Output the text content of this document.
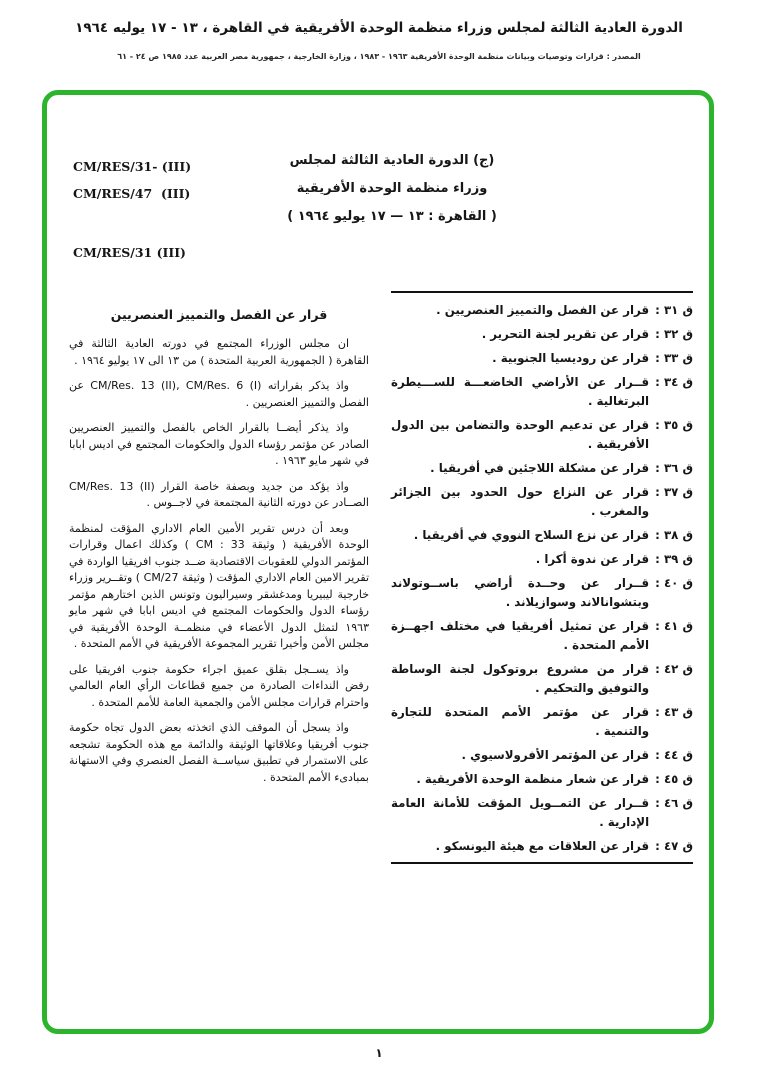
الدورة العادية الثالثة لمجلس وزراء منظمة الوحدة الأفريقية في القاهرة ، ١٣ - ١٧ يوليه ١٩٦٤
المصدر : قرارات وتوصيات وبيانات منظمة الوحدة الأفريقية ١٩٦٣ - ١٩٨٣ ، وزارة الخارجية ، جمهورية مصر العربية عدد ١٩٨٥ ص ٢٤ - ٦١
CM/RES/31- (III)
CM/RES/47  (III)
(ج) الدورة العادية الثالثة لمجلس
وزراء منظمة الوحدة الأفريقية
( القاهرة : ١٣ — ١٧ يوليو ١٩٦٤ )
CM/RES/31 (III)
ق ٣١ :
قرار عن الفصل والتمييز العنصريين .
ق ٣٢ :
قرار عن تقرير لجنة التحرير .
ق ٣٣ :
قرار عن روديسيا الجنوبية .
ق ٣٤ :
قــرار عن الأراضي الخاضعـــة للســـيطرة البرتغالية .
ق ٣٥ :
قرار عن تدعيم الوحدة والتضامن بين الدول الأفريقية .
ق ٣٦ :
قرار عن مشكلة اللاجئين في أفريقيا .
ق ٣٧ :
قرار عن النزاع حول الحدود بين الجزائر والمغرب .
ق ٣٨ :
قرار عن نزع السلاح النووي في أفريقيا .
ق ٣٩ :
قرار عن ندوة أكرا .
ق ٤٠ :
قــرار عن وحــدة أراضي باســوتولاند وبتشوانالاند وسوازيلاند .
ق ٤١ :
قرار عن تمثيل أفريقيا في مختلف اجهــزة الأمم المتحدة .
ق ٤٢ :
قرار من مشروع بروتوكول لجنة الوساطة والتوفيق والتحكيم .
ق ٤٣ :
قرار عن مؤتمر الأمم المتحدة للتجارة والتنمية .
ق ٤٤ :
قرار عن المؤتمر الأفرولاسيوي .
ق ٤٥ :
قرار عن شعار منظمة الوحدة الأفريقية .
ق ٤٦ :
قــرار عن التمــويل المؤقت للأمانة العامة الإدارية .
ق ٤٧ :
قرار عن العلاقات مع هيئة اليونسكو .
قرار عن الفصل والتمييز العنصريين

ان مجلس الوزراء المجتمع في دورته العادية الثالثة في القاهرة ( الجمهورية العربية المتحدة ) من ١٣ الى ١٧ يوليو ١٩٦٤ .

واذ يذكر بقراراته ‎CM/Res. 13 (II), CM/Res.‎ ‎6 (I)‎ عن الفصل والتمييز العنصريين .

واذ يذكر أيضــا بالقرار الخاص بالفصل والتمييز العنصريين الصادر عن مؤتمر رؤساء الدول والحكومات المجتمع في اديس ابابا في شهر مايو ١٩٦٣ .

واذ يؤكد من جديد وبصفة خاصة القرار ‎CM/Res.‎ ‎13 (II)‎ الصــادر عن دورته الثانية المجتمعة في لاجــوس .

وبعد أن درس تقرير الأمين العام الاداري المؤقت لمنظمة الوحدة الأفريقية ( وثيقة ‎CM : 33‎ ) وكذلك اعمال وقرارات المؤتمر الدولي للعقوبات الاقتصادية ضــد جنوب افريقيا الواردة في تقرير الامين العام الاداري المؤقت ( وثيقة ‎CM/27‎ ) وتقــرير وزراء خارجية ليبيريا ومدغشقر وسيراليون وتونس الذين اختارهم مؤتمر رؤساء الدول والحكومات المجتمع في اديس ابابا في شهر مايو ١٩٦٣ لتمثل الدول الأعضاء في منظمــة الوحدة الأفريقية في مجلس الأمن وأخيرا تقرير المجموعة الأفريقية في الأمم المتحدة .

واذ يســجل بقلق عميق اجراء حكومة جنوب افريقيا على رفض النداءات الصادرة من جميع قطاعات الرأي العام العالمي واحترام قرارات مجلس الأمن والجمعية العامة للأمم المتحدة .

واذ يسجل أن الموقف الذي اتخذته بعض الدول تجاه حكومة جنوب أفريقيا وعلاقاتها الوثيقة والدائمة مع هذه الحكومة تشجعه على الاستمرار في تطبيق سياســة الفصل العنصري وفي الاستهانة بمبادىء الأمم المتحدة .

١
